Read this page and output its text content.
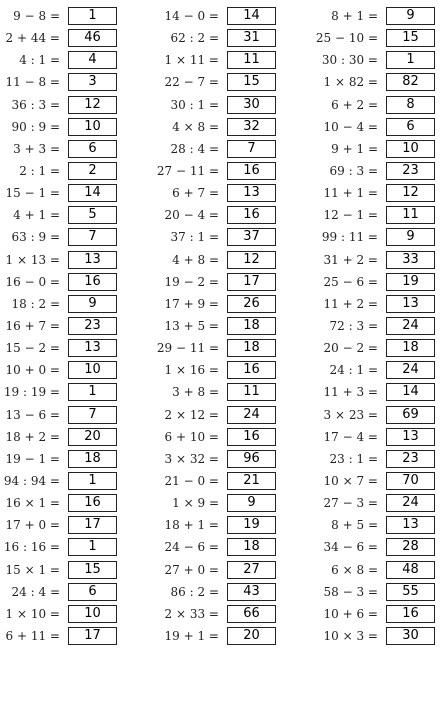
9 − 8 =	1
2 + 44 =	46
4 : 1 =	4
11 − 8 =	3
36 : 3 =	12
90 : 9 =	10
3 + 3 =	6
2 : 1 =	2
15 − 1 =	14
4 + 1 =	5
63 : 9 =	7
1 × 13 =	13
16 − 0 =	16
18 : 2 =	9
16 + 7 =	23
15 − 2 =	13
10 + 0 =	10
19 : 19 =	1
13 − 6 =	7
18 + 2 =	20
19 − 1 =	18
94 : 94 =	1
16 × 1 =	16
17 + 0 =	17
16 : 16 =	1
15 × 1 =	15
24 : 4 =	6
1 × 10 =	10
6 + 11 =	17
14 − 0 =	14
62 : 2 =	31
1 × 11 =	11
22 − 7 =	15
30 : 1 =	30
4 × 8 =	32
28 : 4 =	7
27 − 11 =	16
6 + 7 =	13
20 − 4 =	16
37 : 1 =	37
4 + 8 =	12
19 − 2 =	17
17 + 9 =	26
13 + 5 =	18
29 − 11 =	18
1 × 16 =	16
3 + 8 =	11
2 × 12 =	24
6 + 10 =	16
3 × 32 =	96
21 − 0 =	21
1 × 9 =	9
18 + 1 =	19
24 − 6 =	18
27 + 0 =	27
86 : 2 =	43
2 × 33 =	66
19 + 1 =	20
8 + 1 =	9
25 − 10 =	15
30 : 30 =	1
1 × 82 =	82
6 + 2 =	8
10 − 4 =	6
9 + 1 =	10
69 : 3 =	23
11 + 1 =	12
12 − 1 =	11
99 : 11 =	9
31 + 2 =	33
25 − 6 =	19
11 + 2 =	13
72 : 3 =	24
20 − 2 =	18
24 : 1 =	24
11 + 3 =	14
3 × 23 =	69
17 − 4 =	13
23 : 1 =	23
10 × 7 =	70
27 − 3 =	24
8 + 5 =	13
34 − 6 =	28
6 × 8 =	48
58 − 3 =	55
10 + 6 =	16
10 × 3 =	30
